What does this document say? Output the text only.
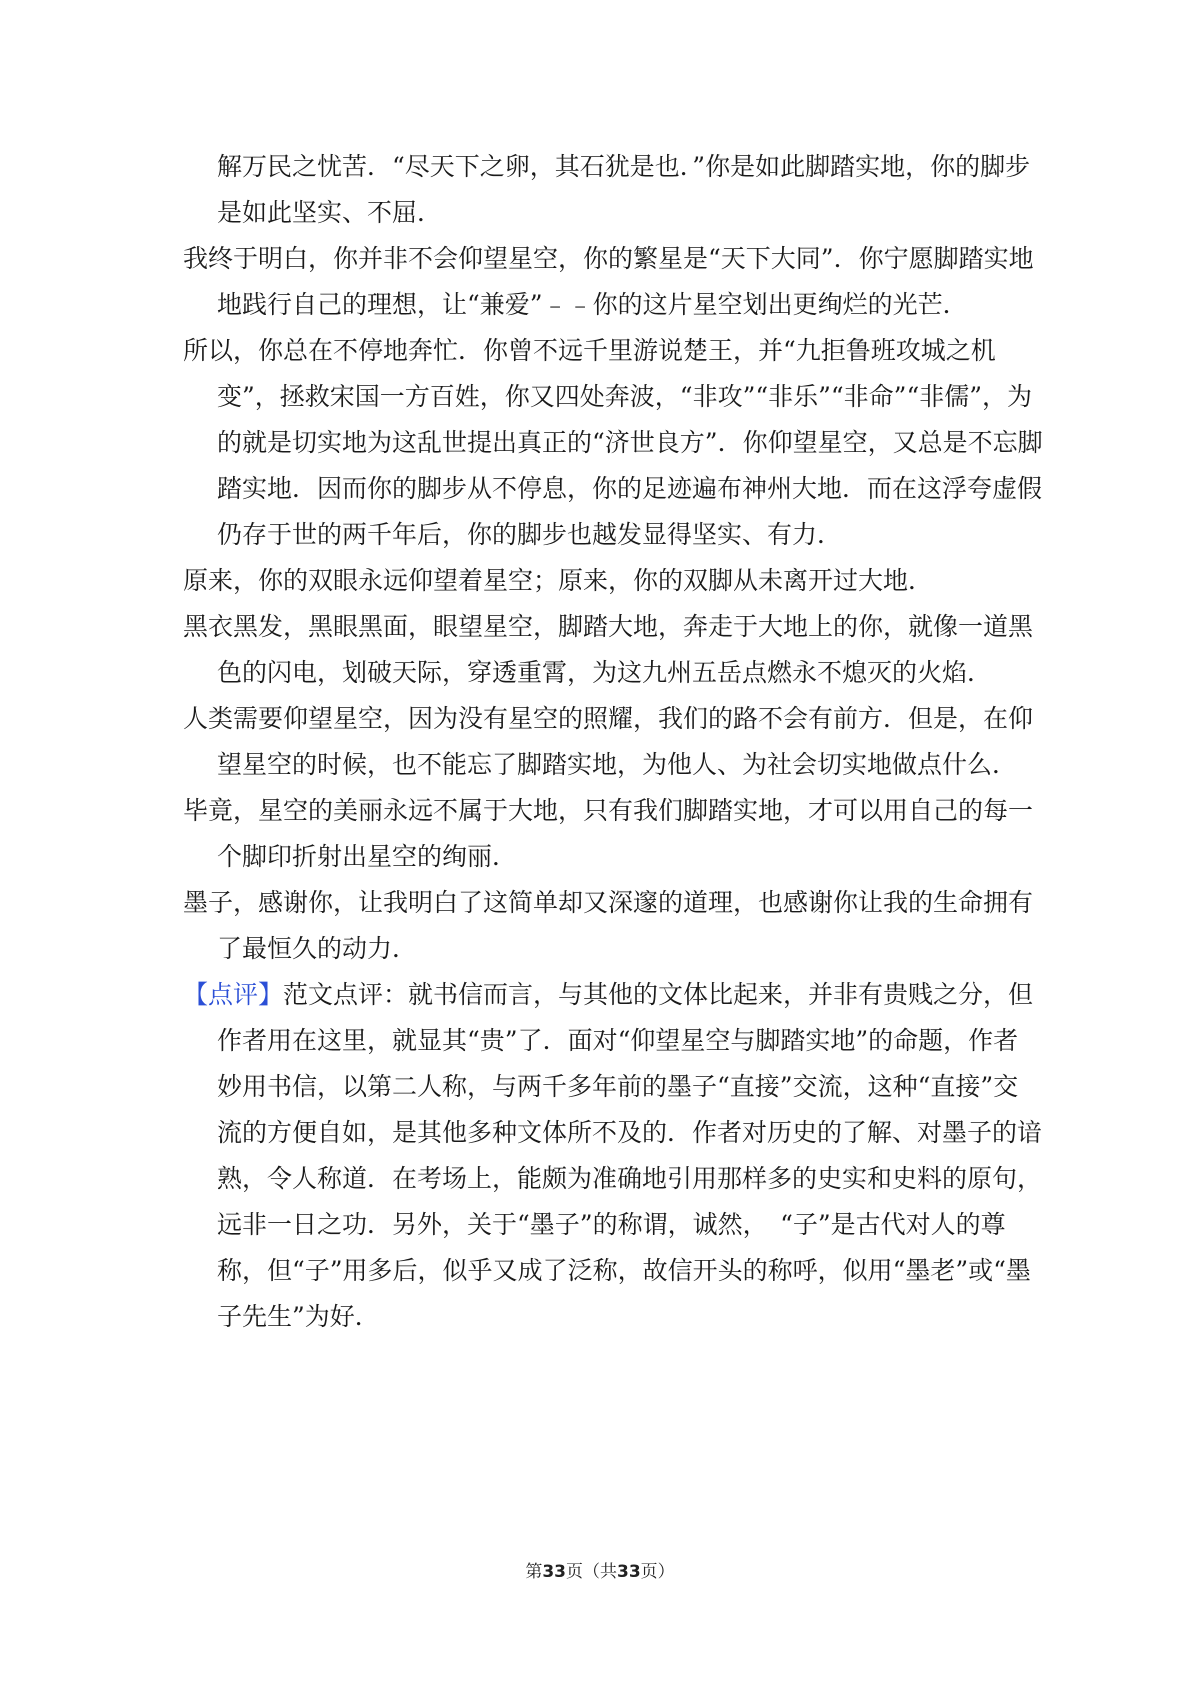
解万民之忧苦．“尽天下之卵，其石犹是也．”你是如此脚踏实地，你的脚步是如此坚实、不屈．

我终于明白，你并非不会仰望星空，你的繁星是“天下大同”．你宁愿脚踏实地地践行自己的理想，让“兼爱”﹣﹣你的这片星空划出更绚烂的光芒．

所以，你总在不停地奔忙．你曾不远千里游说楚王，并“九拒鲁班攻城之机变”，拯救宋国一方百姓，你又四处奔波，“非攻”“非乐”“非命”“非儒”，为的就是切实地为这乱世提出真正的“济世良方”．你仰望星空，又总是不忘脚踏实地．因而你的脚步从不停息，你的足迹遍布神州大地．而在这浮夸虚假仍存于世的两千年后，你的脚步也越发显得坚实、有力．

原来，你的双眼永远仰望着星空；原来，你的双脚从未离开过大地．

黑衣黑发，黑眼黑面，眼望星空，脚踏大地，奔走于大地上的你，就像一道黑色的闪电，划破天际，穿透重霄，为这九州五岳点燃永不熄灭的火焰．

人类需要仰望星空，因为没有星空的照耀，我们的路不会有前方．但是，在仰望星空的时候，也不能忘了脚踏实地，为他人、为社会切实地做点什么．

毕竟，星空的美丽永远不属于大地，只有我们脚踏实地，才可以用自己的每一个脚印折射出星空的绚丽．

墨子，感谢你，让我明白了这简单却又深邃的道理，也感谢你让我的生命拥有了最恒久的动力．

【点评】范文点评：就书信而言，与其他的文体比起来，并非有贵贱之分，但作者用在这里，就显其“贵”了．面对“仰望星空与脚踏实地”的命题，作者妙用书信，以第二人称，与两千多年前的墨子“直接”交流，这种“直接”交流的方便自如，是其他多种文体所不及的．作者对历史的了解、对墨子的谙熟，令人称道．在考场上，能颇为准确地引用那样多的史实和史料的原句，远非一日之功．另外，关于“墨子”的称谓，诚然，　“子”是古代对人的尊称，但“子”用多后，似乎又成了泛称，故信开头的称呼，似用“墨老”或“墨子先生”为好．

第33页（共33页）
